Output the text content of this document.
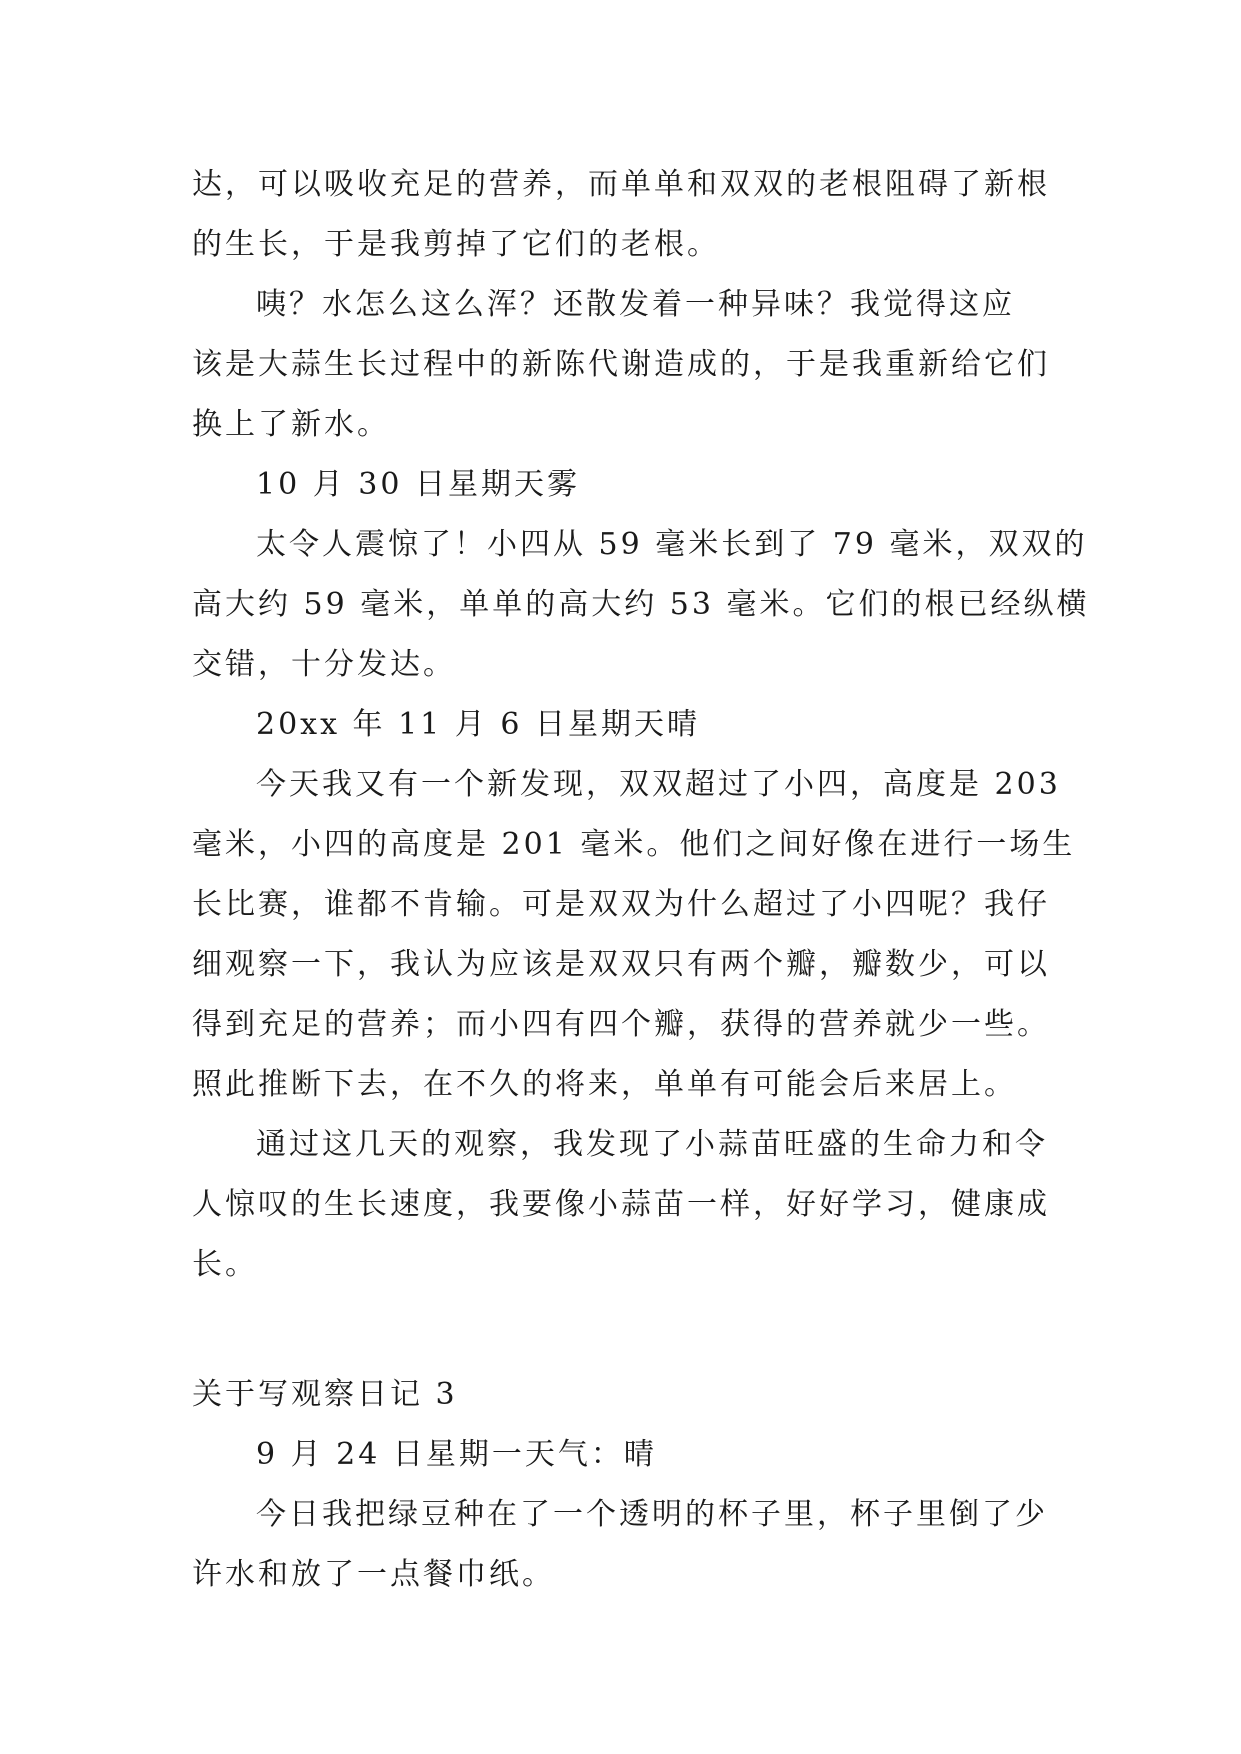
达，可以吸收充足的营养，而单单和双双的老根阻碍了新根
的生长，于是我剪掉了它们的老根。
咦？水怎么这么浑？还散发着一种异味？我觉得这应
该是大蒜生长过程中的新陈代谢造成的，于是我重新给它们
换上了新水。
10 月 30 日星期天雾
太令人震惊了！小四从 59 毫米长到了 79 毫米，双双的
高大约 59 毫米，单单的高大约 53 毫米。它们的根已经纵横
交错，十分发达。
20xx 年 11 月 6 日星期天晴
今天我又有一个新发现，双双超过了小四，高度是 203
毫米，小四的高度是 201 毫米。他们之间好像在进行一场生
长比赛，谁都不肯输。可是双双为什么超过了小四呢？我仔
细观察一下，我认为应该是双双只有两个瓣，瓣数少，可以
得到充足的营养；而小四有四个瓣，获得的营养就少一些。
照此推断下去，在不久的将来，单单有可能会后来居上。
通过这几天的观察，我发现了小蒜苗旺盛的生命力和令
人惊叹的生长速度，我要像小蒜苗一样，好好学习，健康成
长。
关于写观察日记 3
9 月 24 日星期一天气：晴
今日我把绿豆种在了一个透明的杯子里，杯子里倒了少
许水和放了一点餐巾纸。
